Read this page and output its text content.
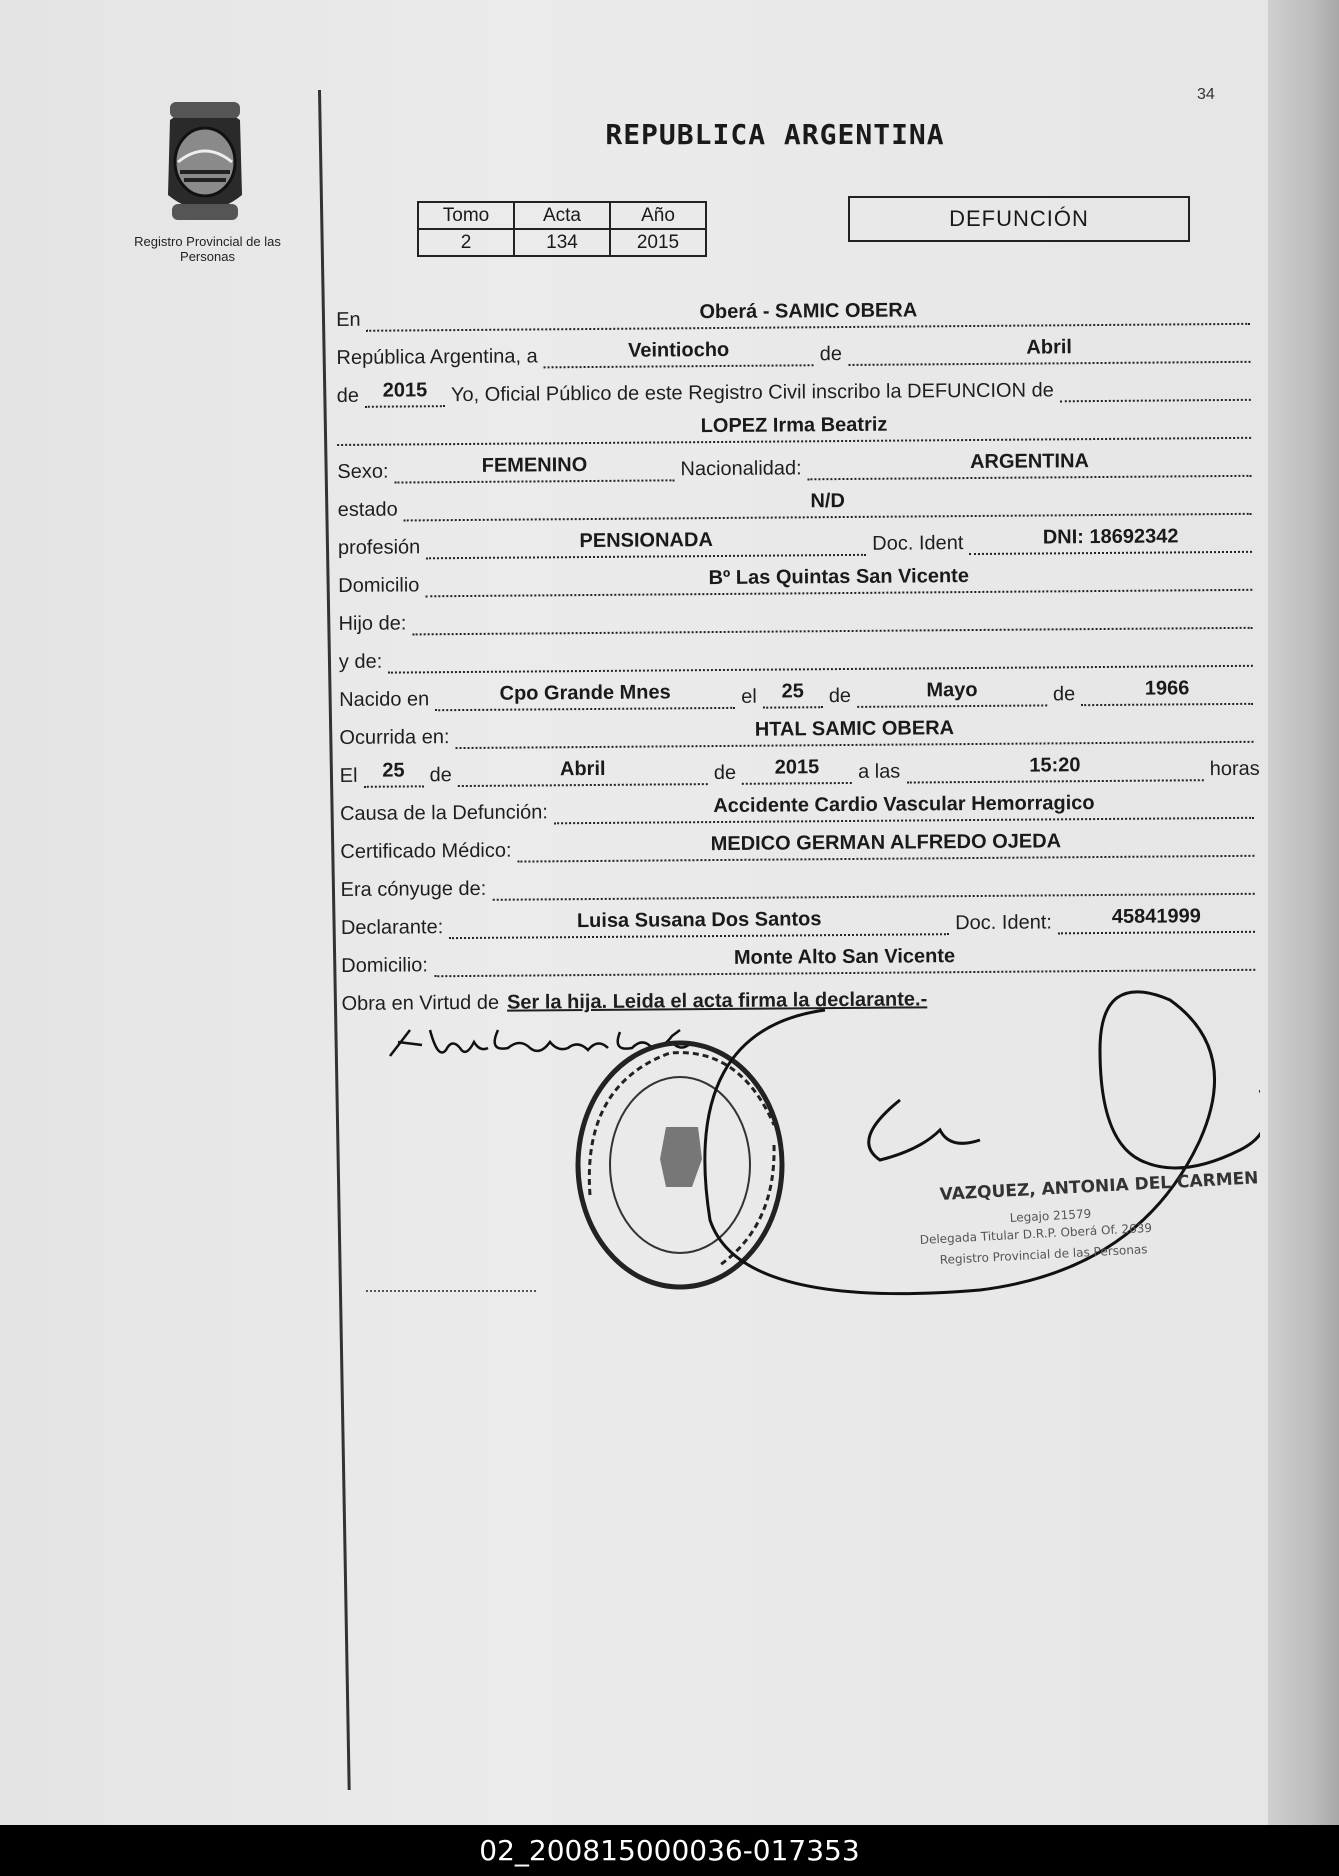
Registro Provincial de las Personas
34
REPUBLICA ARGENTINA
Tomo	Acta	Año
2	134	2015
DEFUNCIÓN
En	Oberá - SAMIC OBERA
República Argentina, a	Veintiocho	de	Abril
de	2015	Yo, Oficial Público de este Registro Civil inscribo la DEFUNCION de
LOPEZ Irma Beatriz
Sexo:	FEMENINO	Nacionalidad:	ARGENTINA
estado	N/D
profesión	PENSIONADA	Doc. Ident	DNI: 18692342
Domicilio	Bº Las Quintas San Vicente
Hijo de:
y de:
Nacido en	Cpo Grande Mnes	el	25	de	Mayo	de	1966
Ocurrida en:	HTAL SAMIC OBERA
El	25	de	Abril	de	2015	a las	15:20	horas
Causa de la Defunción:	Accidente Cardio Vascular Hemorragico
Certificado Médico:	MEDICO GERMAN ALFREDO OJEDA
Era cónyuge de:
Declarante:	Luisa Susana Dos Santos	Doc. Ident:	45841999
Domicilio:	Monte Alto San Vicente
Obra en Virtud de Ser la hija. Leida el acta firma la declarante.-
VAZQUEZ, ANTONIA DEL CARMEN
Legajo 21579
Delegada Titular D.R.P. Oberá Of. 2639
Registro Provincial de las Personas
02_200815000036-017353
